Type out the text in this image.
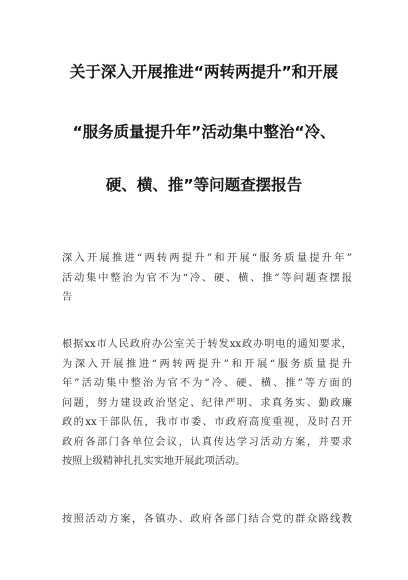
关于深入开展推进“两转两提升”和开展
“服务质量提升年”活动集中整治“冷、
硬、横、推”等问题查摆报告
深入开展推进“两转两提升”和开展“服务质量提升年”
活动集中整治为官不为“冷、硬、横、推”等问题查摆报
告
根据xx市人民政府办公室关于转发xx政办明电的通知要求，
为深入开展推进“两转两提升”和开展“服务质量提升
年”活动集中整治为官不为“冷、硬、横、推”等方面的
问题，努力建设政治坚定、纪律严明、求真务实、勤政廉
政的xx干部队伍，我市市委、市政府高度重视，及时召开
政府各部门各单位会议，认真传达学习活动方案，并要求
按照上级精神扎扎实实地开展此项活动。
按照活动方案，各镇办、政府各部门结合党的群众路线教
